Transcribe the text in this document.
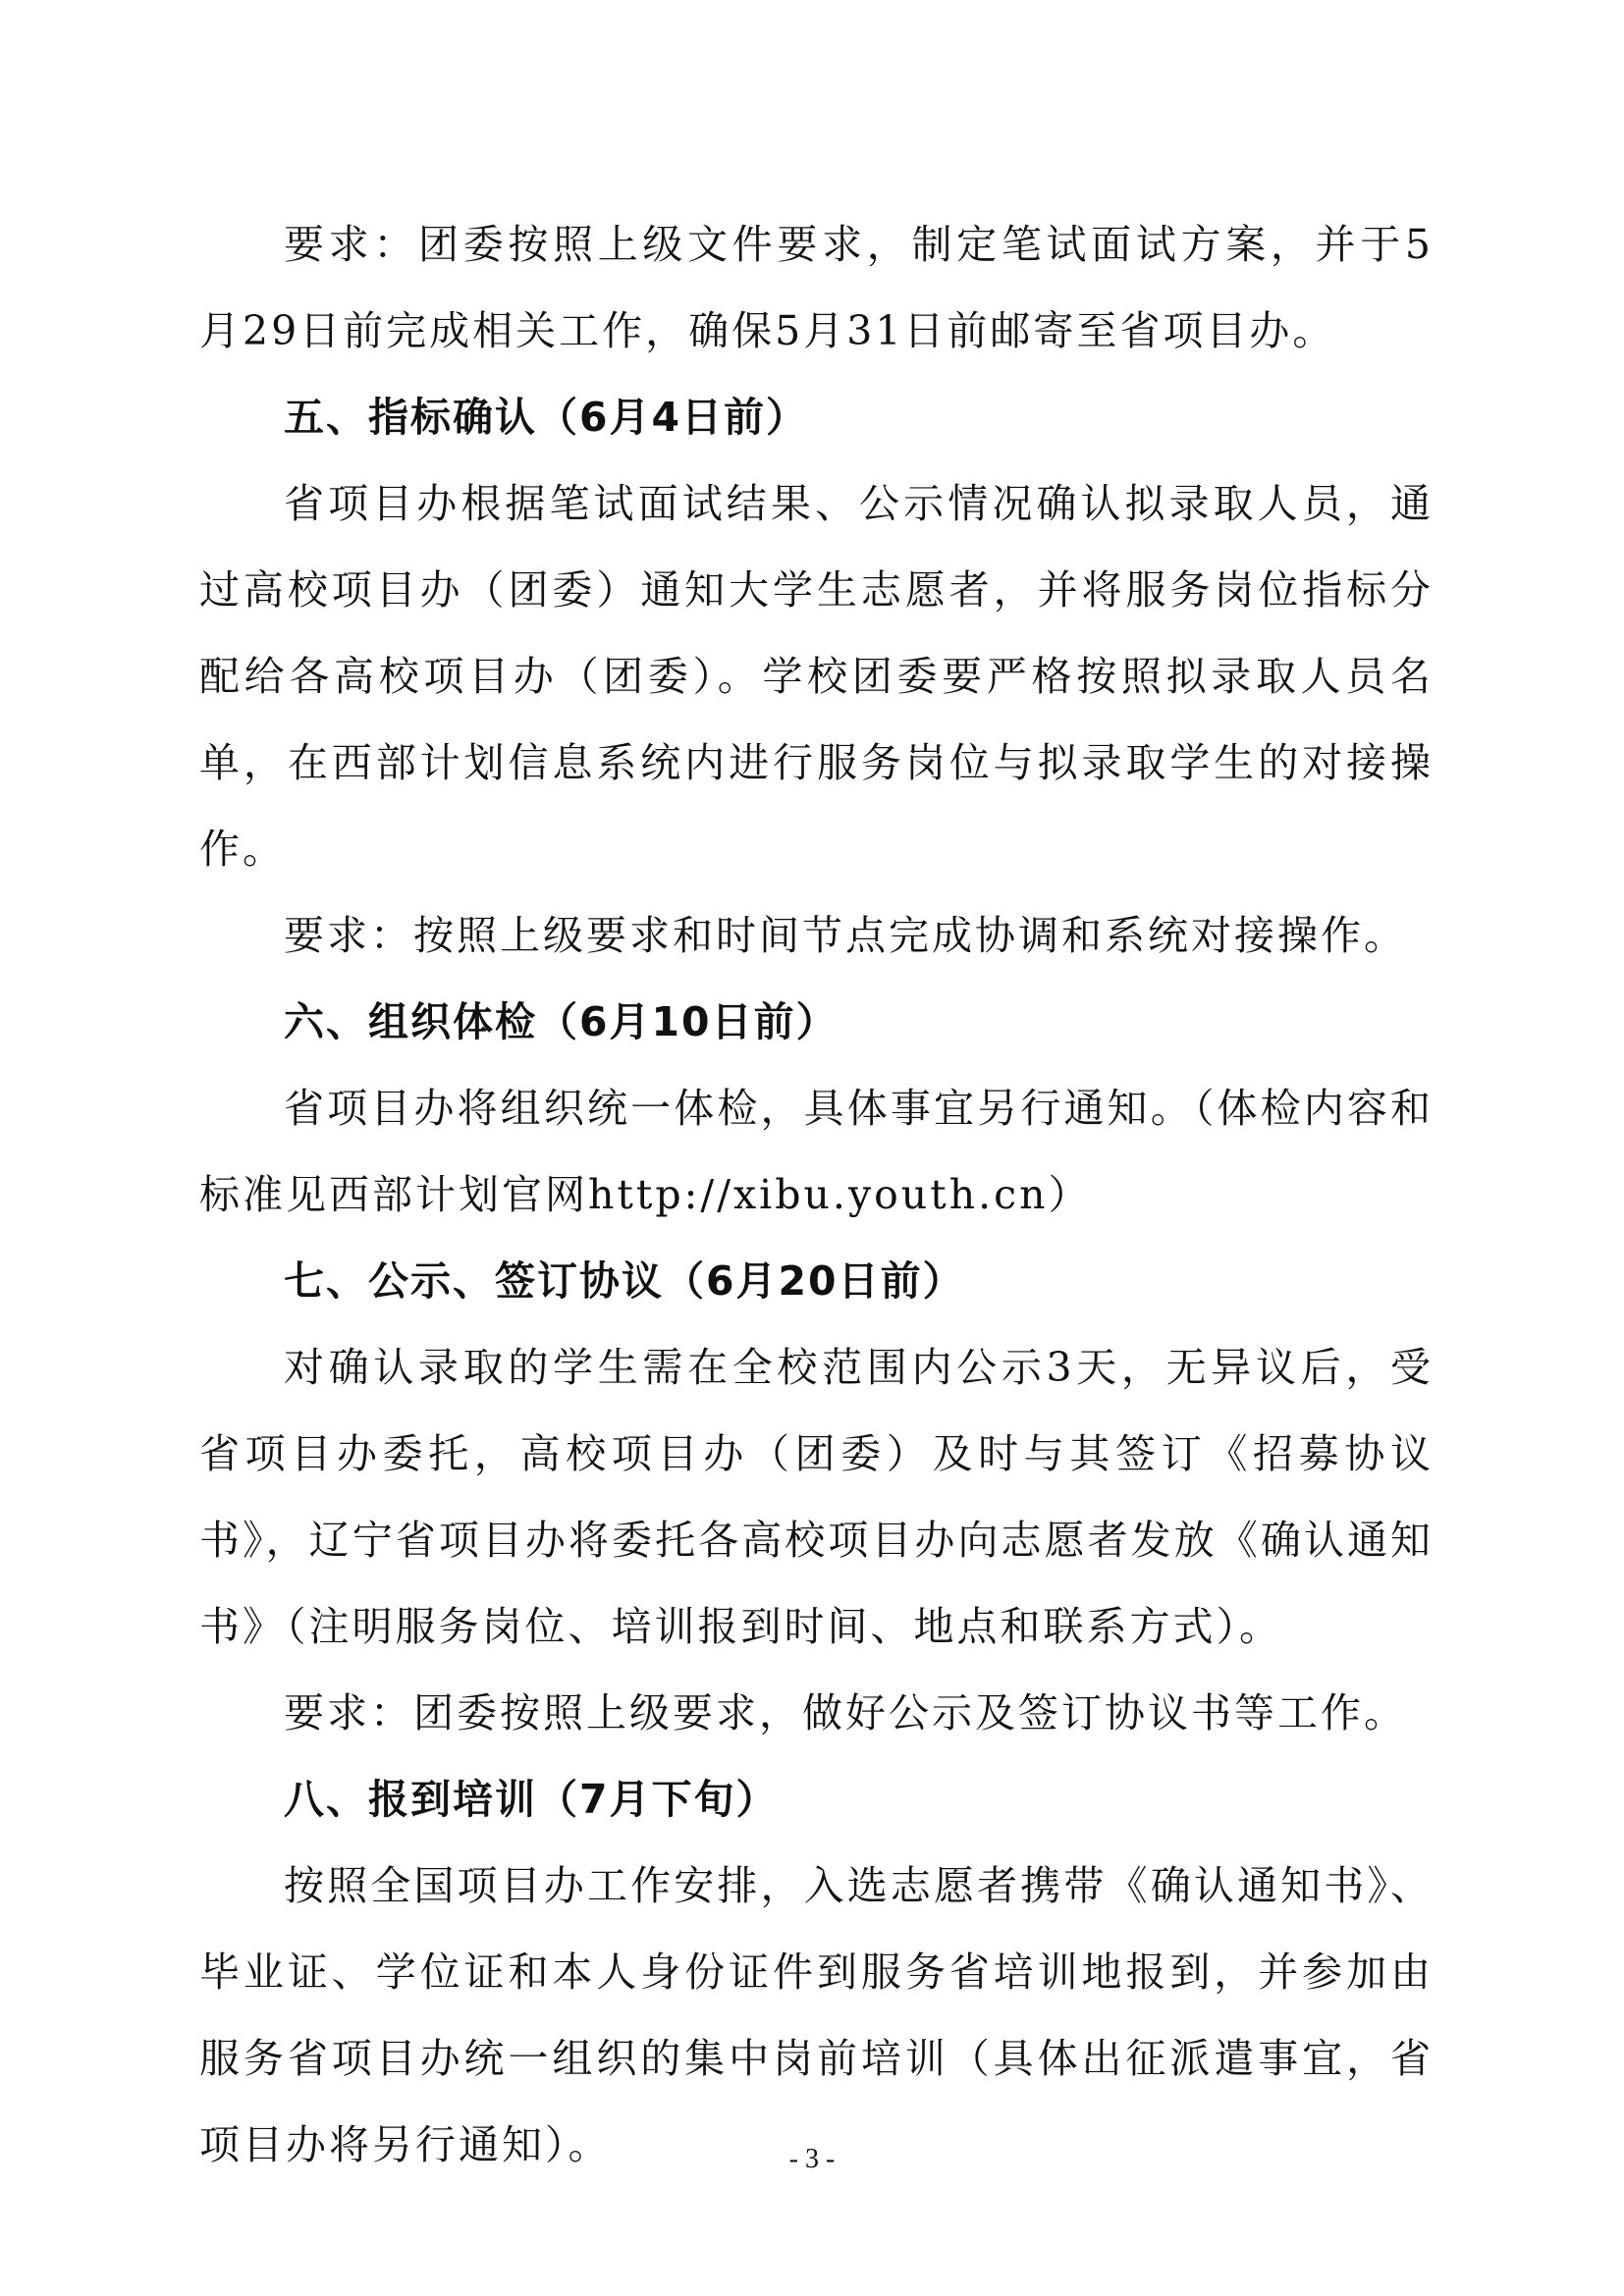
要求：团委按照上级文件要求，制定笔试面试方案，并于5月29日前完成相关工作，确保5月31日前邮寄至省项目办。

五、指标确认（6月4日前）

省项目办根据笔试面试结果、公示情况确认拟录取人员，通过高校项目办（团委）通知大学生志愿者，并将服务岗位指标分配给各高校项目办（团委）。学校团委要严格按照拟录取人员名单，在西部计划信息系统内进行服务岗位与拟录取学生的对接操作。

要求：按照上级要求和时间节点完成协调和系统对接操作。

六、组织体检（6月10日前）

省项目办将组织统一体检，具体事宜另行通知。（体检内容和标准见西部计划官网http://xibu.youth.cn）

七、公示、签订协议（6月20日前）

对确认录取的学生需在全校范围内公示3天，无异议后，受省项目办委托，高校项目办（团委）及时与其签订《招募协议书》，辽宁省项目办将委托各高校项目办向志愿者发放《确认通知书》（注明服务岗位、培训报到时间、地点和联系方式）。

要求：团委按照上级要求，做好公示及签订协议书等工作。

八、报到培训（7月下旬）

按照全国项目办工作安排，入选志愿者携带《确认通知书》、毕业证、学位证和本人身份证件到服务省培训地报到，并参加由服务省项目办统一组织的集中岗前培训（具体出征派遣事宜，省项目办将另行通知）。	- 3 -
